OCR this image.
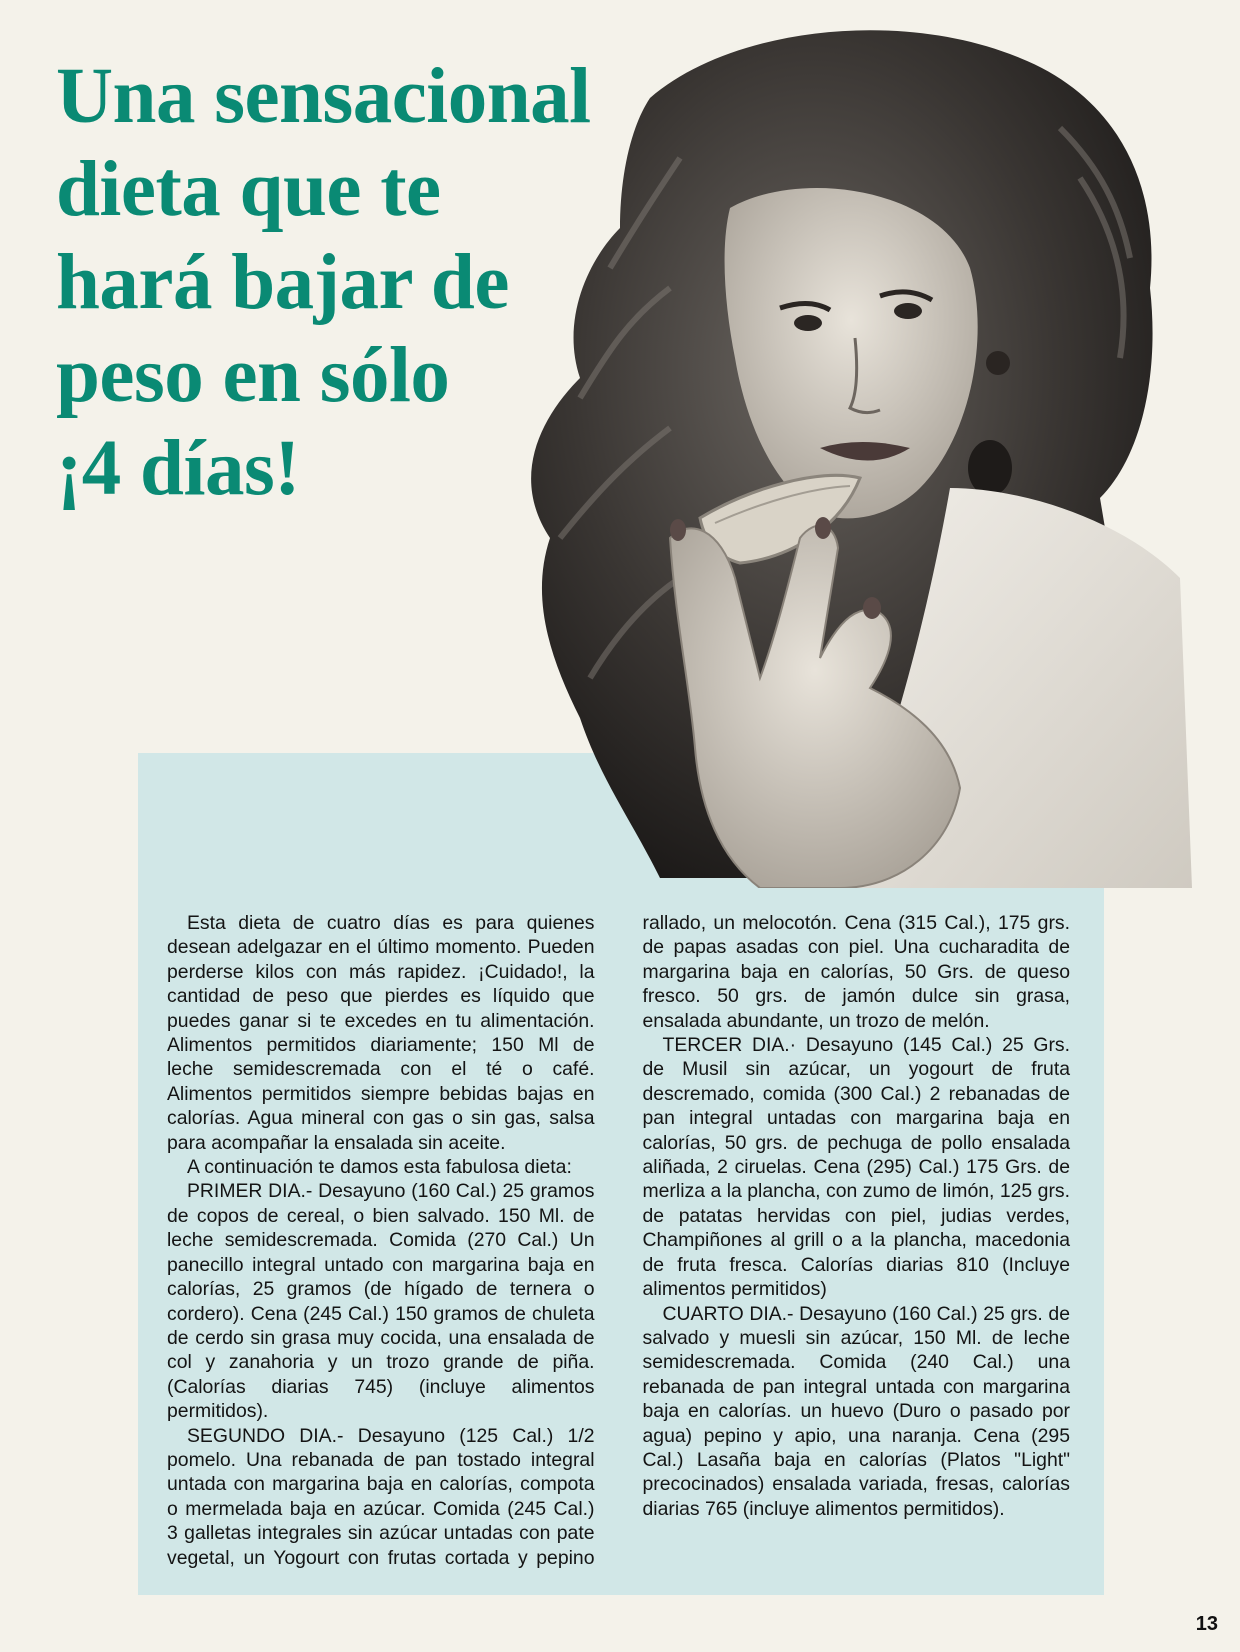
Una sensacional
dieta que te
hará bajar de
peso en sólo
¡4 días!

Esta dieta de cuatro días es para quienes desean adelgazar en el último momento. Pueden perderse kilos con más rapidez. ¡Cuidado!, la cantidad de peso que pierdes es líquido que puedes ganar si te excedes en tu alimentación. Alimentos permitidos diariamente; 150 Ml de leche semidescremada con el té o café. Alimentos permitidos siempre bebidas bajas en calorías. Agua mineral con gas o sin gas, salsa para acompañar la ensalada sin aceite.

A continuación te damos esta fabulosa dieta:

PRIMER DIA.- Desayuno (160 Cal.) 25 gramos de copos de cereal, o bien salvado. 150 Ml. de leche semidescremada. Comida (270 Cal.) Un panecillo integral untado con margarina baja en calorías, 25 gramos (de hígado de ternera o cordero). Cena (245 Cal.) 150 gramos de chuleta de cerdo sin grasa muy cocida, una ensalada de col y zanahoria y un trozo grande de piña. (Calorías diarias 745) (incluye alimentos permitidos).

SEGUNDO DIA.- Desayuno (125 Cal.) 1/2 pomelo. Una rebanada de pan tostado integral untada con margarina baja en calorías, compota o mermelada baja en azúcar. Comida (245 Cal.) 3 galletas integrales sin azúcar untadas con pate vegetal, un Yogourt con frutas cortada y pepino rallado, un melocotón. Cena (315 Cal.), 175 grs. de papas asadas con piel. Una cucharadita de margarina baja en calorías, 50 Grs. de queso fresco. 50 grs. de jamón dulce sin grasa, ensalada abundante, un trozo de melón.

TERCER DIA.· Desayuno (145 Cal.) 25 Grs. de Musil sin azúcar, un yogourt de fruta descremado, comida (300 Cal.) 2 rebanadas de pan integral untadas con margarina baja en calorías, 50 grs. de pechuga de pollo ensalada aliñada, 2 ciruelas. Cena (295) Cal.) 175 Grs. de merliza a la plancha, con zumo de limón, 125 grs. de patatas hervidas con piel, judias verdes, Champiñones al grill o a la plancha, macedonia de fruta fresca. Calorías diarias 810 (Incluye alimentos permitidos)

CUARTO DIA.- Desayuno (160 Cal.) 25 grs. de salvado y muesli sin azúcar, 150 Ml. de leche semidescremada. Comida (240 Cal.) una rebanada de pan integral untada con margarina baja en calorías. un huevo (Duro o pasado por agua) pepino y apio, una naranja. Cena (295 Cal.) Lasaña baja en calorías (Platos "Light" precocinados) ensalada variada, fresas, calorías diarias 765 (incluye alimentos permitidos).

13
